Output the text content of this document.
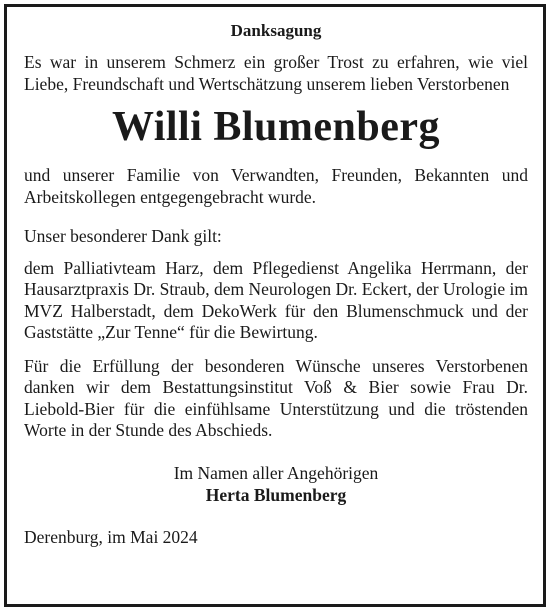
Danksagung

Es war in unserem Schmerz ein großer Trost zu erfahren, wie viel Liebe, Freundschaft und Wertschätzung unserem lieben Verstorbenen

Willi Blumenberg

und unserer Familie von Verwandten, Freunden, Bekannten und Arbeitskollegen entgegengebracht wurde.

Unser besonderer Dank gilt:

dem Palliativteam Harz, dem Pflegedienst Angelika Herrmann, der Hausarztpraxis Dr. Straub, dem Neurologen Dr. Eckert, der Urologie im MVZ Halberstadt, dem DekoWerk für den Blumenschmuck und der Gaststätte „Zur Tenne“ für die Bewirtung.

Für die Erfüllung der besonderen Wünsche unseres Verstorbenen danken wir dem Bestattungsinstitut Voß & Bier sowie Frau Dr. Liebold-Bier für die einfühlsame Unterstützung und die tröstenden Worte in der Stunde des Abschieds.

Im Namen aller Angehörigen
Herta Blumenberg
Derenburg, im Mai 2024
